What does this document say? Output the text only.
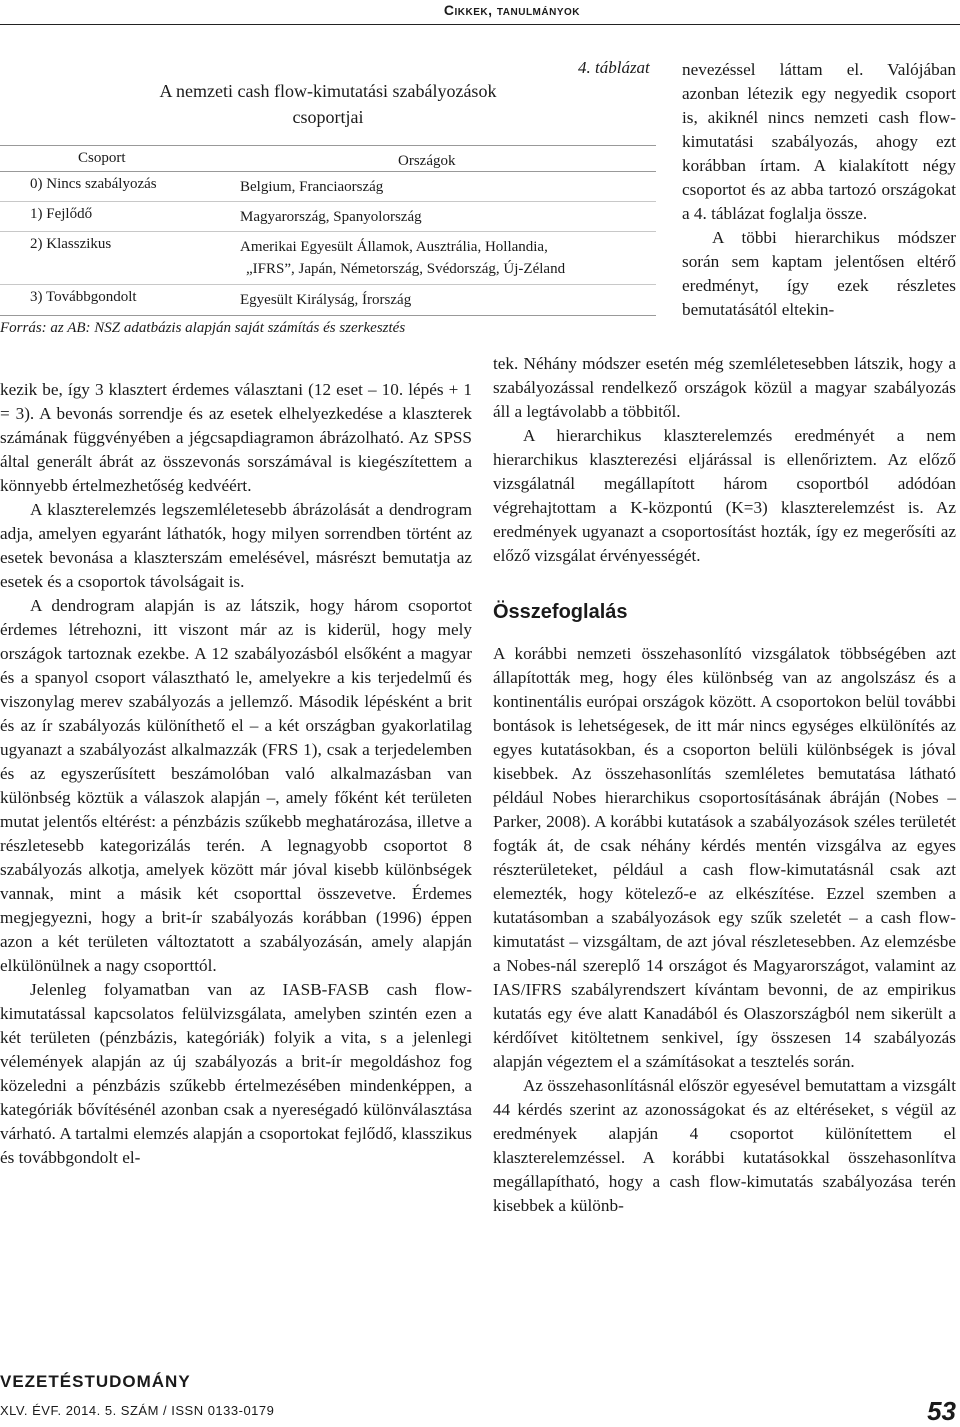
Cikkek, tanulmányok
4. táblázat
A nemzeti cash flow-kimutatási szabályozások
csoportjai
Csoport	Országok
0) Nincs szabályozás	Belgium, Franciaország
1) Fejlődő	Magyarország, Spanyolország
2) Klasszikus	Amerikai Egyesült Államok, Ausztrália, Hollandia,
„IFRS”, Japán, Németország, Svédország, Új-Zéland
3) Továbbgondolt	Egyesült Királyság, Írország
Forrás: az AB: NSZ adatbázis alapján saját számítás és szerkesztés

nevezéssel láttam el. Valójában azonban létezik egy negyedik csoport is, akiknél nincs nemzeti cash flow-kimutatási szabályozás, ahogy ezt korábban írtam. A kialakított négy csoportot és az abba tartozó országokat a 4. táblázat foglalja össze.

A többi hierarchikus módszer során sem kaptam jelentősen eltérő eredményt, így ezek részletes bemutatásától eltekin-

kezik be, így 3 klasztert érdemes választani (12 eset – 10. lépés + 1 = 3). A bevonás sorrendje és az esetek elhelyezkedése a klaszterek számának függvényében a jégcsapdiagramon ábrázolható. Az SPSS által generált ábrát az összevonás sorszámával is kiegészítettem a könnyebb értelmezhetőség kedvéért.

A klaszterelemzés legszemléletesebb ábrázolását a dendrogram adja, amelyen egyaránt láthatók, hogy milyen sorrendben történt az esetek bevonása a klaszterszám emelésével, másrészt bemutatja az esetek és a csoportok távolságait is.

A dendrogram alapján is az látszik, hogy három csoportot érdemes létrehozni, itt viszont már az is kiderül, hogy mely országok tartoznak ezekbe. A 12 szabályozásból elsőként a magyar és a spanyol csoport választható le, amelyekre a kis terjedelmű és viszonylag merev szabályozás a jellemző. Második lépésként a brit és az ír szabályozás különíthető el – a két országban gyakorlatilag ugyanazt a szabályozást alkalmazzák (FRS 1), csak a terjedelemben és az egyszerűsített beszámolóban való alkalmazásban van különbség köztük a válaszok alapján –, amely főként két területen mutat jelentős eltérést: a pénzbázis szűkebb meghatározása, illetve a részletesebb kategorizálás terén. A legnagyobb csoportot 8 szabályozás alkotja, amelyek között már jóval kisebb különbségek vannak, mint a másik két csoporttal összevetve. Érdemes megjegyezni, hogy a brit-ír szabályozás korábban (1996) éppen azon a két területen változtatott a szabályozásán, amely alapján elkülönülnek a nagy csoporttól.

Jelenleg folyamatban van az IASB-FASB cash flow-kimutatással kapcsolatos felülvizsgálata, amelyben szintén ezen a két területen (pénzbázis, kategóriák) folyik a vita, s a jelenlegi vélemények alapján az új szabályozás a brit-ír megoldáshoz fog közeledni a pénzbázis szűkebb értelmezésében mindenképpen, a kategóriák bővítésénél azonban csak a nyereségadó különválasztása várható. A tartalmi elemzés alapján a csoportokat fejlődő, klasszikus és továbbgondolt el-

tek. Néhány módszer esetén még szemléletesebben látszik, hogy a szabályozással rendelkező országok közül a magyar szabályozás áll a legtávolabb a többitől.

A hierarchikus klaszterelemzés eredményét a nem hierarchikus klaszterezési eljárással is ellenőriztem. Az előző vizsgálatnál megállapított három csoportból adódóan végrehajtottam a K-központú (K=3) klaszterelemzést is. Az eredmények ugyanazt a csoportosítást hozták, így ez megerősíti az előző vizsgálat érvényességét.

Összefoglalás

A korábbi nemzeti összehasonlító vizsgálatok többségében azt állapították meg, hogy éles különbség van az angolszász és a kontinentális európai országok között. A csoportokon belül további bontások is lehetségesek, de itt már nincs egységes elkülönítés az egyes kutatásokban, és a csoporton belüli különbségek is jóval kisebbek. Az összehasonlítás szemléletes bemutatása látható például Nobes hierarchikus csoportosításának ábráján (Nobes – Parker, 2008). A korábbi kutatások a szabályozások széles területét fogták át, de csak néhány kérdés mentén vizsgálva az egyes részterületeket, például a cash flow-kimutatásnál csak azt elemezték, hogy kötelező-e az elkészítése. Ezzel szemben a kutatásomban a szabályozások egy szűk szeletét – a cash flow-kimutatást – vizsgáltam, de azt jóval részletesebben. Az elemzésbe a Nobes-nál szereplő 14 országot és Magyarországot, valamint az IAS/IFRS szabályrendszert kívántam bevonni, de az empirikus kutatás egy éve alatt Kanadából és Olaszországból nem sikerült a kérdőívet kitöltetnem senkivel, így összesen 14 szabályozás alapján végeztem el a számításokat a tesztelés során.

Az összehasonlításnál először egyesével bemutattam a vizsgált 44 kérdés szerint az azonosságokat és az eltéréseket, s végül az eredmények alapján 4 csoportot különítettem el klaszterelemzéssel. A korábbi kutatásokkal összehasonlítva megállapítható, hogy a cash flow-kimutatás szabályozása terén kisebbek a különb-

VEZETÉSTUDOMÁNY
XLV. ÉVF. 2014. 5. SZÁM / ISSN 0133-0179	53
